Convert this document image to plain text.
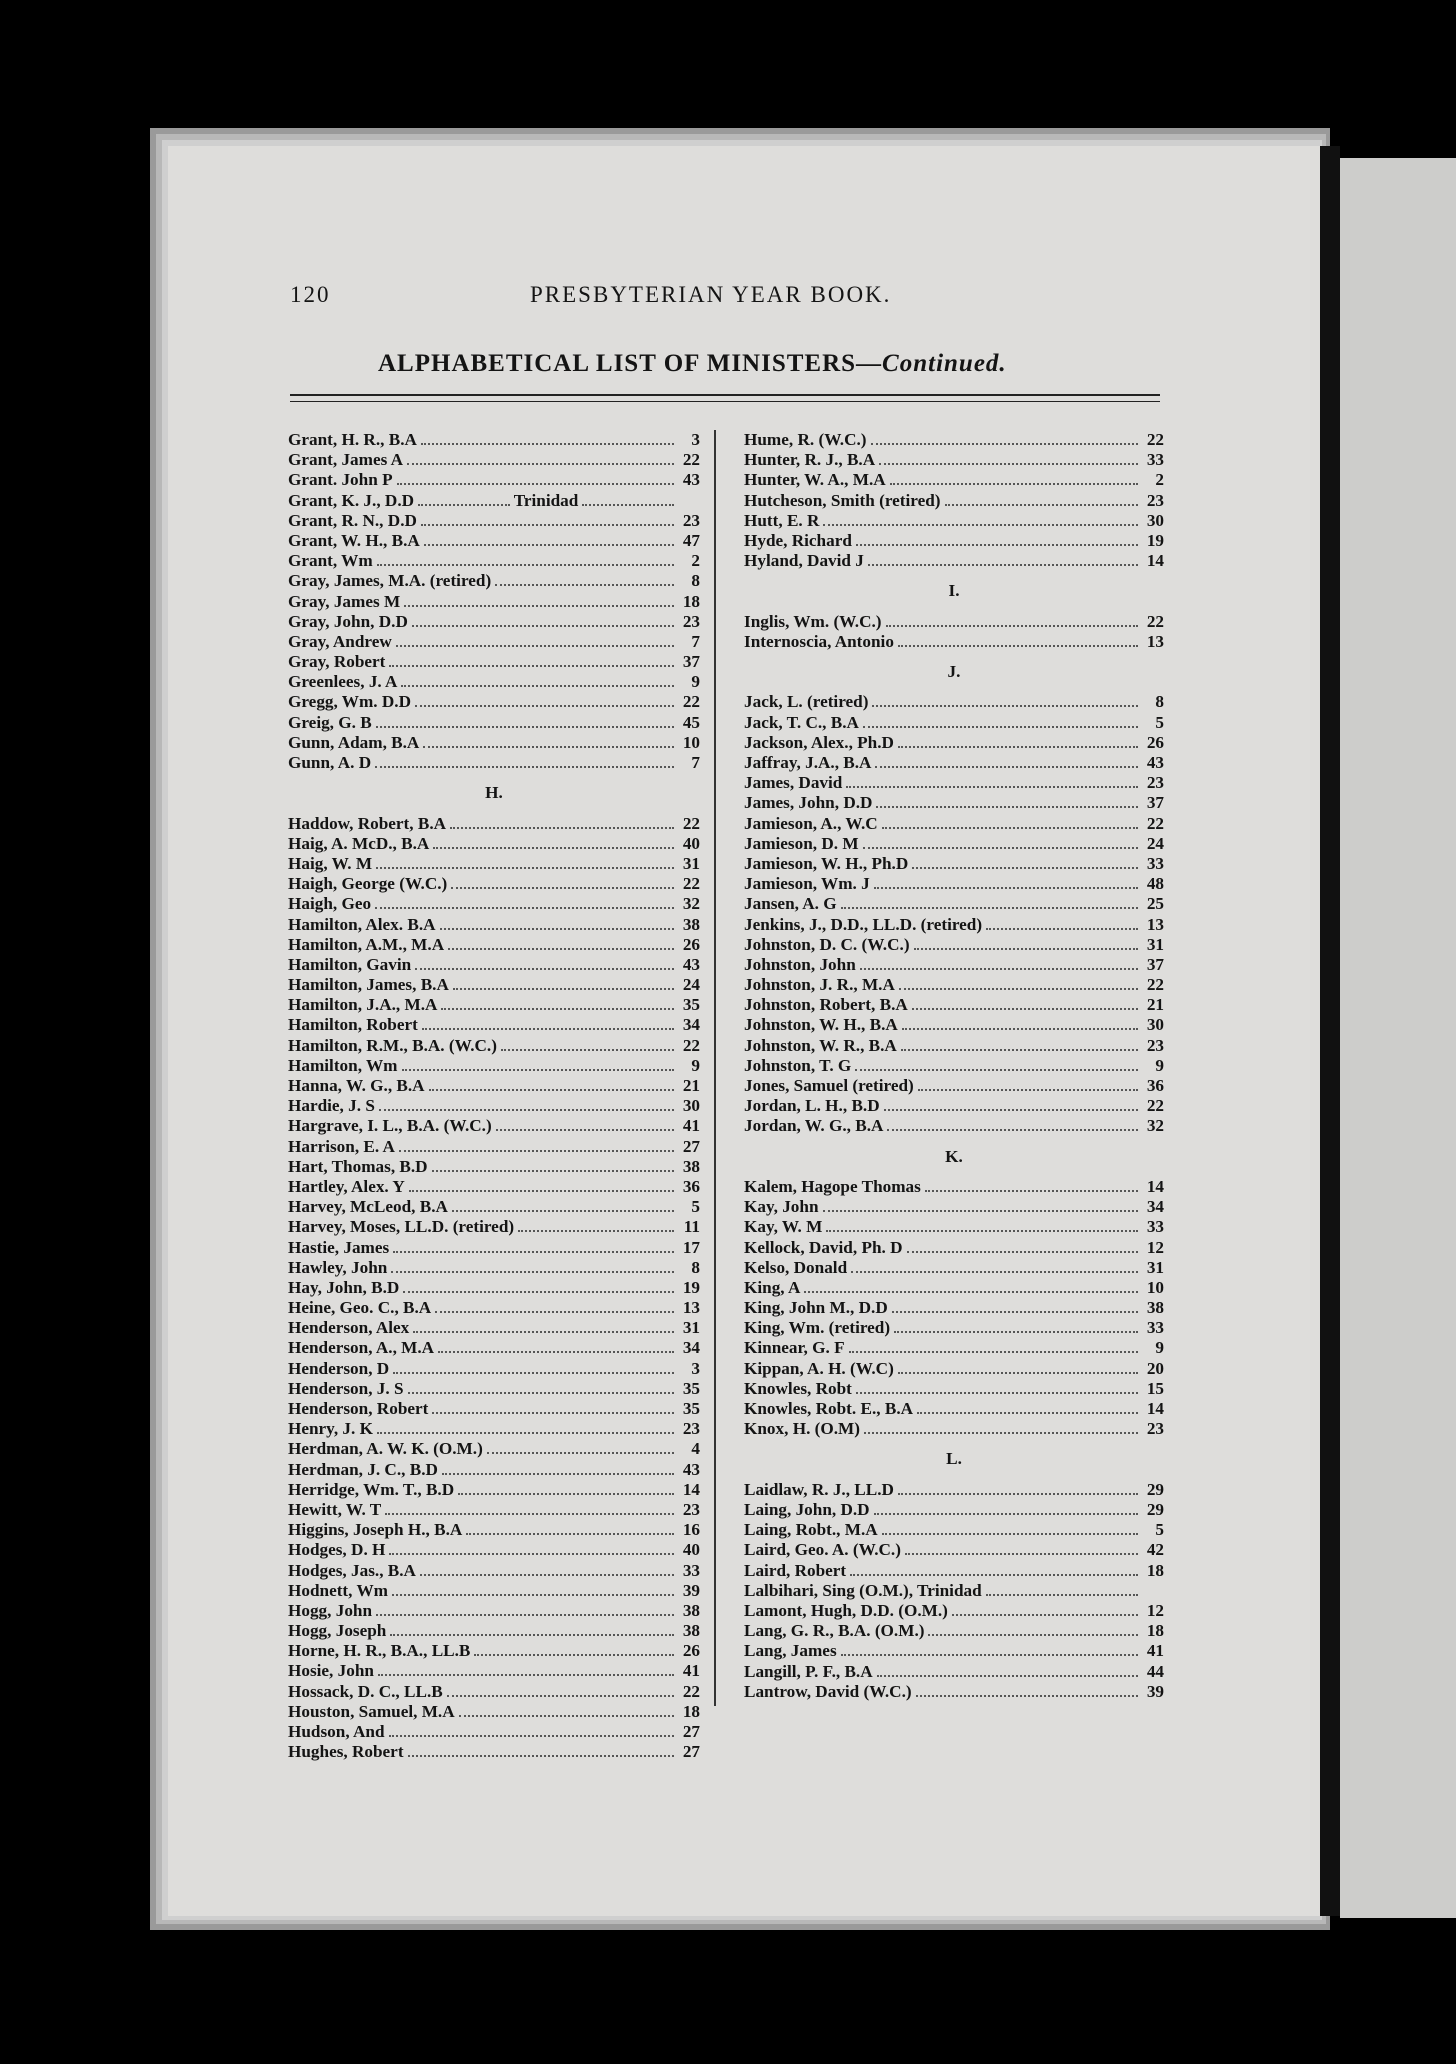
120	PRESBYTERIAN YEAR BOOK.
ALPHABETICAL LIST OF MINISTERS—Continued.
Grant, H. R., B.A	3
Grant, James A	22
Grant. John P	43
Grant, K. J., D.D	Trinidad
Grant, R. N., D.D	23
Grant, W. H., B.A	47
Grant, Wm	2
Gray, James, M.A. (retired)	8
Gray, James M	18
Gray, John, D.D	23
Gray, Andrew	7
Gray, Robert	37
Greenlees, J. A	9
Gregg, Wm. D.D	22
Greig, G. B	45
Gunn, Adam, B.A	10
Gunn, A. D	7
H.
Haddow, Robert, B.A	22
Haig, A. McD., B.A	40
Haig, W. M	31
Haigh, George (W.C.)	22
Haigh, Geo	32
Hamilton, Alex. B.A	38
Hamilton, A.M., M.A	26
Hamilton, Gavin	43
Hamilton, James, B.A	24
Hamilton, J.A., M.A	35
Hamilton, Robert	34
Hamilton, R.M., B.A. (W.C.)	22
Hamilton, Wm	9
Hanna, W. G., B.A	21
Hardie, J. S	30
Hargrave, I. L., B.A. (W.C.)	41
Harrison, E. A	27
Hart, Thomas, B.D	38
Hartley, Alex. Y	36
Harvey, McLeod, B.A	5
Harvey, Moses, LL.D. (retired)	11
Hastie, James	17
Hawley, John	8
Hay, John, B.D	19
Heine, Geo. C., B.A	13
Henderson, Alex	31
Henderson, A., M.A	34
Henderson, D	3
Henderson, J. S	35
Henderson, Robert	35
Henry, J. K	23
Herdman, A. W. K. (O.M.)	4
Herdman, J. C., B.D	43
Herridge, Wm. T., B.D	14
Hewitt, W. T	23
Higgins, Joseph H., B.A	16
Hodges, D. H	40
Hodges, Jas., B.A	33
Hodnett, Wm	39
Hogg, John	38
Hogg, Joseph	38
Horne, H. R., B.A., LL.B	26
Hosie, John	41
Hossack, D. C., LL.B	22
Houston, Samuel, M.A	18
Hudson, And	27
Hughes, Robert	27
Hume, R. (W.C.)	22
Hunter, R. J., B.A	33
Hunter, W. A., M.A	2
Hutcheson, Smith (retired)	23
Hutt, E. R	30
Hyde, Richard	19
Hyland, David J	14
I.
Inglis, Wm. (W.C.)	22
Internoscia, Antonio	13
J.
Jack, L. (retired)	8
Jack, T. C., B.A	5
Jackson, Alex., Ph.D	26
Jaffray, J.A., B.A	43
James, David	23
James, John, D.D	37
Jamieson, A., W.C	22
Jamieson, D. M	24
Jamieson, W. H., Ph.D	33
Jamieson, Wm. J	48
Jansen, A. G	25
Jenkins, J., D.D., LL.D. (retired)	13
Johnston, D. C. (W.C.)	31
Johnston, John	37
Johnston, J. R., M.A	22
Johnston, Robert, B.A	21
Johnston, W. H., B.A	30
Johnston, W. R., B.A	23
Johnston, T. G	9
Jones, Samuel (retired)	36
Jordan, L. H., B.D	22
Jordan, W. G., B.A	32
K.
Kalem, Hagope Thomas	14
Kay, John	34
Kay, W. M	33
Kellock, David, Ph. D	12
Kelso, Donald	31
King, A	10
King, John M., D.D	38
King, Wm. (retired)	33
Kinnear, G. F	9
Kippan, A. H. (W.C)	20
Knowles, Robt	15
Knowles, Robt. E., B.A	14
Knox, H. (O.M)	23
L.
Laidlaw, R. J., LL.D	29
Laing, John, D.D	29
Laing, Robt., M.A	5
Laird, Geo. A. (W.C.)	42
Laird, Robert	18
Lalbihari, Sing (O.M.), Trinidad
Lamont, Hugh, D.D. (O.M.)	12
Lang, G. R., B.A. (O.M.)	18
Lang, James	41
Langill, P. F., B.A	44
Lantrow, David (W.C.)	39
